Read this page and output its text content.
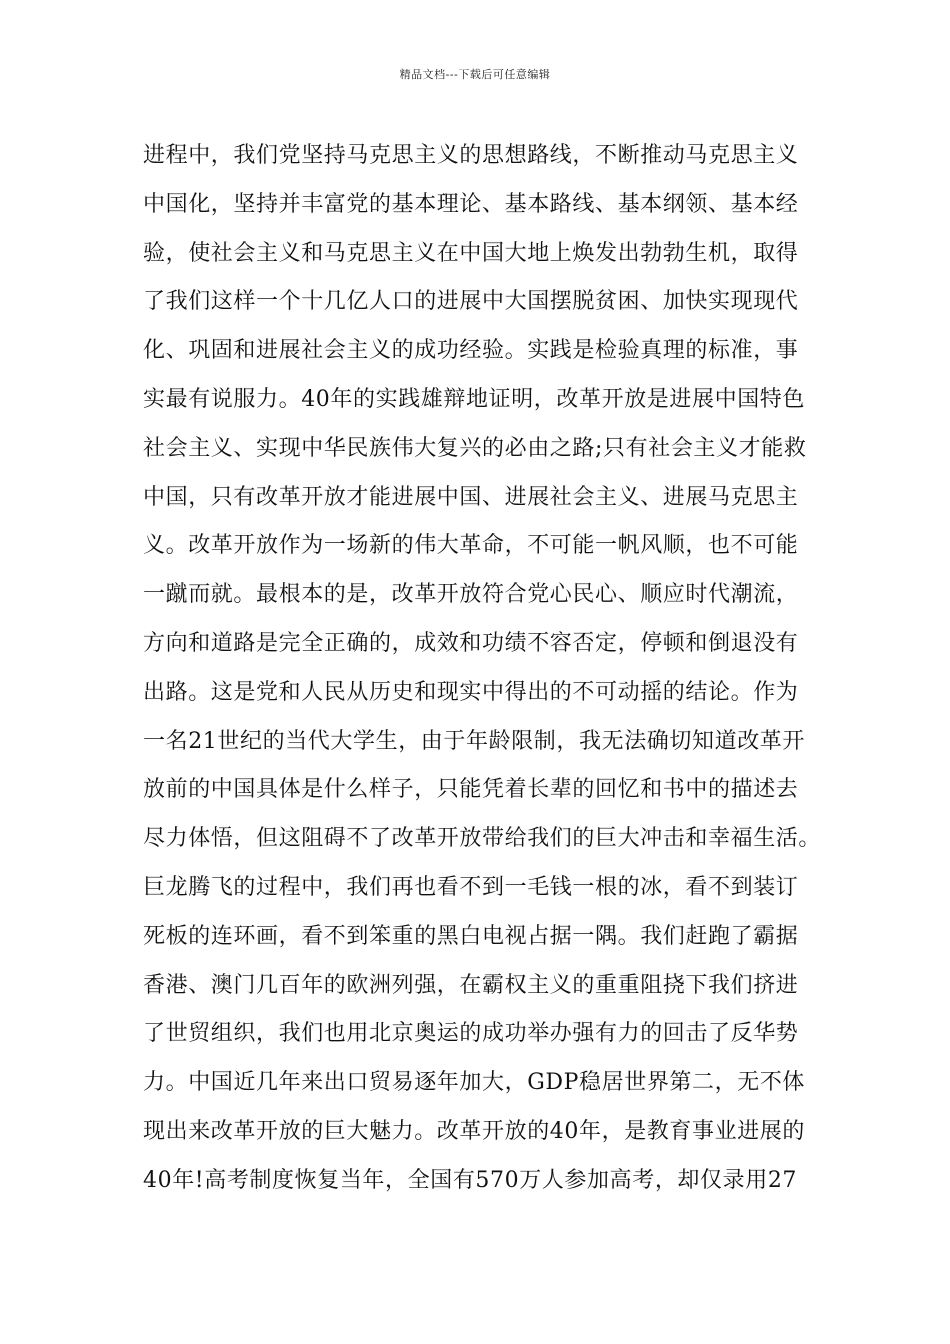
精品文档---下载后可任意编辑
进程中，我们党坚持马克思主义的思想路线，不断推动马克思主义
中国化，坚持并丰富党的基本理论、基本路线、基本纲领、基本经
验，使社会主义和马克思主义在中国大地上焕发出勃勃生机，取得
了我们这样一个十几亿人口的进展中大国摆脱贫困、加快实现现代
化、巩固和进展社会主义的成功经验。实践是检验真理的标准，事
实最有说服力。40年的实践雄辩地证明，改革开放是进展中国特色
社会主义、实现中华民族伟大复兴的必由之路;只有社会主义才能救
中国，只有改革开放才能进展中国、进展社会主义、进展马克思主
义。改革开放作为一场新的伟大革命，不可能一帆风顺，也不可能
一蹴而就。最根本的是，改革开放符合党心民心、顺应时代潮流，
方向和道路是完全正确的，成效和功绩不容否定，停顿和倒退没有
出路。这是党和人民从历史和现实中得出的不可动摇的结论。作为
一名21世纪的当代大学生，由于年龄限制，我无法确切知道改革开
放前的中国具体是什么样子，只能凭着长辈的回忆和书中的描述去
尽力体悟，但这阻碍不了改革开放带给我们的巨大冲击和幸福生活。
巨龙腾飞的过程中，我们再也看不到一毛钱一根的冰，看不到装订
死板的连环画，看不到笨重的黑白电视占据一隅。我们赶跑了霸据
香港、澳门几百年的欧洲列强，在霸权主义的重重阻挠下我们挤进
了世贸组织，我们也用北京奥运的成功举办强有力的回击了反华势
力。中国近几年来出口贸易逐年加大，GDP稳居世界第二，无不体
现出来改革开放的巨大魅力。改革开放的40年，是教育事业进展的
40年!高考制度恢复当年，全国有570万人参加高考，却仅录用27
